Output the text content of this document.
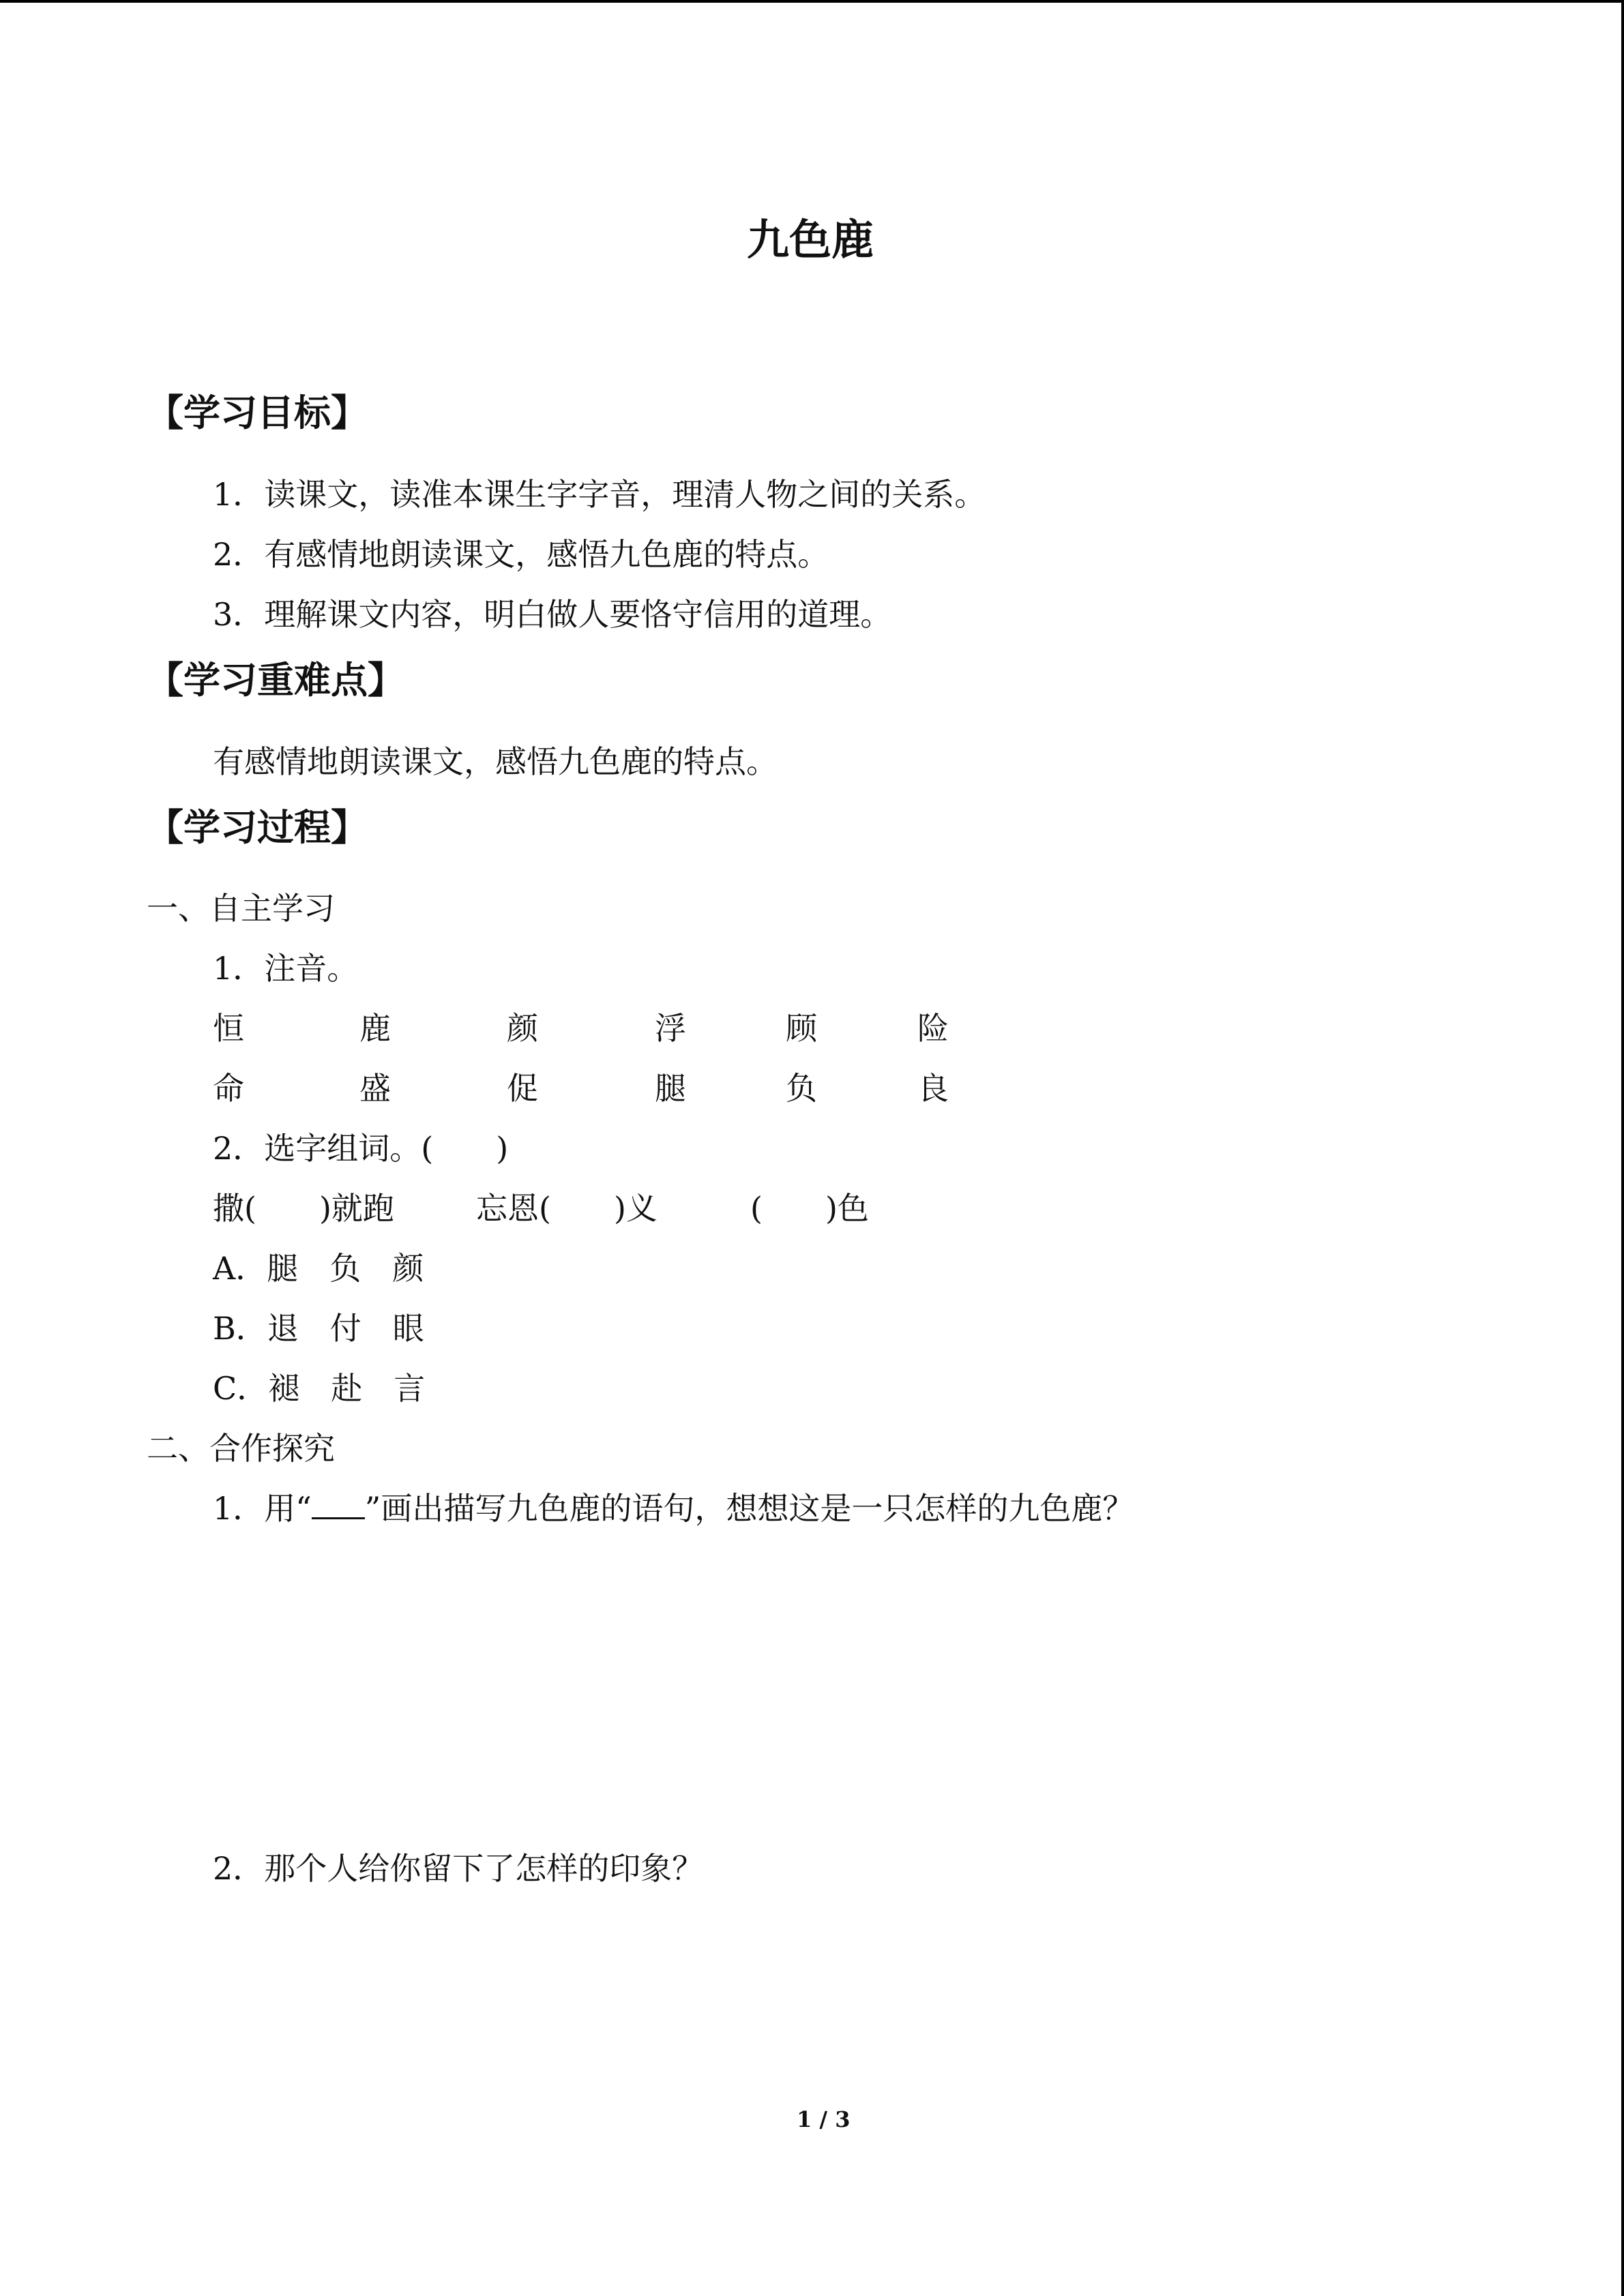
九色鹿
【学习目标】
1．读课文，读准本课生字字音，理清人物之间的关系。
2．有感情地朗读课文，感悟九色鹿的特点。
3．理解课文内容，明白做人要恪守信用的道理。
【学习重难点】
有感情地朗读课文，感悟九色鹿的特点。
【学习过程】
一、自主学习
1．注音。
恒	鹿	颜	浮	顾	险
命	盛	促	腿	负	良
2．选字组词。(　　)
撒(　　)就跑	忘恩(　　)义	(　　)色
A．腿　负　颜
B．退　付　眼
C．褪　赴　言
二、合作探究
1．用“ ”画出描写九色鹿的语句，想想这是一只怎样的九色鹿？
2．那个人给你留下了怎样的印象？
1 / 3
